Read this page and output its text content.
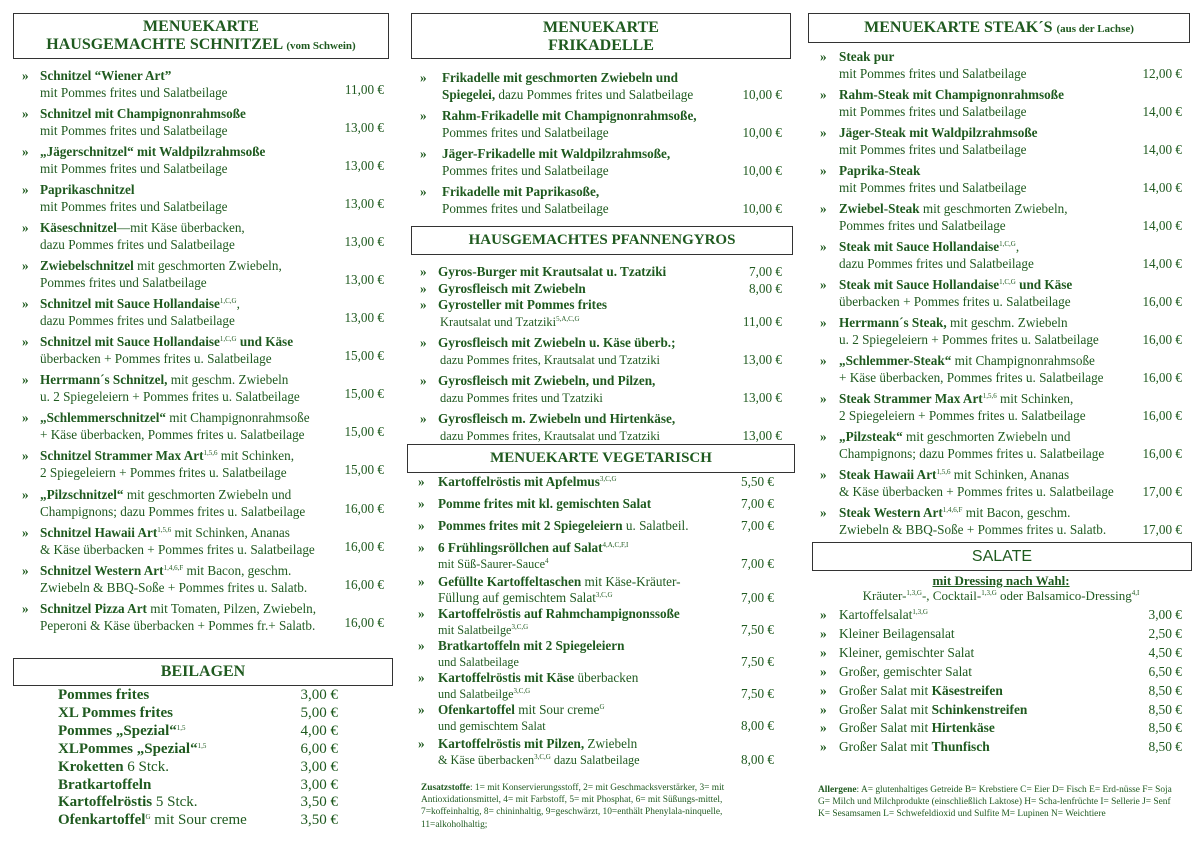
MENUEKARTE
HAUSGEMACHTE SCHNITZEL (vom Schwein)
» Schnitzel “Wiener Art”
mit Pommes frites und Salatbeilage	11,00 €
» Schnitzel mit Champignonrahmsoße
mit Pommes frites und Salatbeilage	13,00 €
» „Jägerschnitzel“ mit Waldpilzrahmsoße
mit Pommes frites und Salatbeilage	13,00 €
» Paprikaschnitzel
mit Pommes frites und Salatbeilage	13,00 €
» Käseschnitzel—mit Käse überbacken,
dazu Pommes frites und Salatbeilage	13,00 €
» Zwiebelschnitzel mit geschmorten Zwiebeln,
Pommes frites und Salatbeilage	13,00 €
» Schnitzel mit Sauce Hollandaise$^{1,C,G}$,
dazu Pommes frites und Salatbeilage	13,00 €
» Schnitzel mit Sauce Hollandaise$^{1,C,G}$ und Käse
überbacken + Pommes frites u. Salatbeilage	15,00 €
» Herrmann´s Schnitzel, mit geschm. Zwiebeln
u. 2 Spiegeleiern + Pommes frites u. Salatbeilage	15,00 €
» „Schlemmerschnitzel“ mit Champignonrahmsoße
+ Käse überbacken, Pommes frites u. Salatbeilage	15,00 €
» Schnitzel Strammer Max Art$^{1,5,6}$ mit Schinken,
2 Spiegeleiern + Pommes frites u. Salatbeilage	15,00 €
» „Pilzschnitzel“ mit geschmorten Zwiebeln und
Champignons; dazu Pommes frites u. Salatbeilage	16,00 €
» Schnitzel Hawaii Art$^{1,5,6}$ mit Schinken, Ananas
& Käse überbacken + Pommes frites u. Salatbeilage 16,00 €
» Schnitzel Western Art$^{1,4,6,F}$ mit Bacon, geschm.
Zwiebeln & BBQ-Soße + Pommes frites u. Salatb.	16,00 €
» Schnitzel Pizza Art mit Tomaten, Pilzen, Zwiebeln,
Peperoni & Käse überbacken + Pommes fr.+ Salatb. 16,00 €
BEILAGEN
Pommes frites	3,00 €
XL Pommes frites	5,00 €
Pommes „Spezial“$^{1,5}$	4,00 €
XLPommes „Spezial“$^{1,5}$	6,00 €
Kroketten 6 Stck.	3,00 €
Bratkartoffeln	3,00 €
Kartoffelröstis 5 Stck.	3,50 €
Ofenkartoffel$^G$ mit Sour creme	3,50 €
MENUEKARTE
FRIKADELLE
» Frikadelle mit geschmorten Zwiebeln und
Spiegelei, dazu Pommes frites und Salatbeilage	10,00 €
» Rahm-Frikadelle mit Champignonrahmsoße,
Pommes frites und Salatbeilage	10,00 €
» Jäger-Frikadelle mit Waldpilzrahmsoße,
Pommes frites und Salatbeilage	10,00 €
» Frikadelle mit Paprikasoße,
Pommes frites und Salatbeilage	10,00 €
HAUSGEMACHTES PFANNENGYROS
» Gyros-Burger mit Krautsalat u. Tzatziki	7,00 €
» Gyrosfleisch mit Zwiebeln	8,00 €
» Gyrosteller mit Pommes frites
Krautsalat und Tzatziki$^{5,A,C,G}$	11,00 €
» Gyrosfleisch mit Zwiebeln u. Käse überb.;
dazu Pommes frites, Krautsalat und Tzatziki	13,00 €
» Gyrosfleisch mit Zwiebeln, und Pilzen,
dazu Pommes frites und Tzatziki	13,00 €
» Gyrosfleisch m. Zwiebeln und Hirtenkäse,
dazu Pommes frites, Krautsalat und Tzatziki	13,00 €
MENUEKARTE VEGETARISCH
» Kartoffelröstis mit Apfelmus$^{3,C,G}$	5,50 €
» Pomme frites mit kl. gemischten Salat	7,00 €
» Pommes frites mit 2 Spiegeleiern u. Salatbeil.	7,00 €
» 6 Frühlingsröllchen auf Salat$^{4,A,C,F,I}$
mit Süß-Saurer-Sauce$^4$	7,00 €
» Gefüllte Kartoffeltaschen mit Käse-Kräuter-
Füllung auf gemischtem Salat$^{3,C,G}$	7,00 €
» Kartoffelröstis auf Rahmchampignonssoße
mit Salatbeilge$^{3,C,G}$	7,50 €
» Bratkartoffeln mit 2 Spiegeleiern
und Salatbeilage	7,50 €
» Kartoffelröstis mit Käse überbacken
und Salatbeilge$^{3,C,G}$	7,50 €
» Ofenkartoffel mit Sour creme$^G$
und gemischtem Salat	8,00 €
» Kartoffelröstis mit Pilzen, Zwiebeln
& Käse überbacken$^{3,C,G}$ dazu Salatbeilage	8,00 €
Zusatzstoffe: 1= mit Konservierungsstoff, 2= mit Geschmacksverstärker, 3= mit Antioxidationsmittel, 4= mit Farbstoff, 5= mit Phosphat, 6= mit Süßungs-mittel, 7=koffeinhaltig, 8= chininhaltig, 9=geschwärzt, 10=enthält Phenylala-ninquelle, 11=alkoholhaltig;
MENUEKARTE STEAK´S (aus der Lachse)
» Steak pur
mit Pommes frites und Salatbeilage	12,00 €
» Rahm-Steak mit Champignonrahmsoße
mit Pommes frites und Salatbeilage	14,00 €
» Jäger-Steak mit Waldpilzrahmsoße
mit Pommes frites und Salatbeilage	14,00 €
» Paprika-Steak
mit Pommes frites und Salatbeilage	14,00 €
» Zwiebel-Steak mit geschmorten Zwiebeln,
Pommes frites und Salatbeilage	14,00 €
» Steak mit Sauce Hollandaise$^{1,C,G}$,
dazu Pommes frites und Salatbeilage	14,00 €
» Steak mit Sauce Hollandaise$^{1,C,G}$ und Käse
überbacken + Pommes frites u. Salatbeilage	16,00 €
» Herrmann´s Steak, mit geschm. Zwiebeln
u. 2 Spiegeleiern + Pommes frites u. Salatbeilage	16,00 €
» „Schlemmer-Steak“ mit Champignonrahmsoße
+ Käse überbacken, Pommes frites u. Salatbeilage	16,00 €
» Steak Strammer Max Art$^{1,5,6}$ mit Schinken,
2 Spiegeleiern + Pommes frites u. Salatbeilage	16,00 €
» „Pilzsteak“ mit geschmorten Zwiebeln und
Champignons; dazu Pommes frites u. Salatbeilage	16,00 €
» Steak Hawaii Art$^{1,5,6}$ mit Schinken, Ananas
& Käse überbacken + Pommes frites u. Salatbeilage 17,00 €
» Steak Western Art$^{1,4,6,F}$ mit Bacon, geschm.
Zwiebeln & BBQ-Soße + Pommes frites u. Salatb.	17,00 €
SALATE
mit Dressing nach Wahl:
Kräuter-$^{1,3,G}$-, Cocktail-$^{1,3,G}$ oder Balsamico-Dressing$^{4,I}$
» Kartoffelsalat$^{1,3,G}$	3,00 €
» Kleiner Beilagensalat	2,50 €
» Kleiner, gemischter Salat	4,50 €
» Großer, gemischter Salat	6,50 €
» Großer Salat mit Käsestreifen	8,50 €
» Großer Salat mit Schinkenstreifen	8,50 €
» Großer Salat mit Hirtenkäse	8,50 €
» Großer Salat mit Thunfisch	8,50 €
Allergene: A= glutenhaltiges Getreide B= Krebstiere C= Eier D= Fisch E= Erd-nüsse F= Soja G= Milch und Milchprodukte (einschließlich Laktose) H= Scha-lenfrüchte I= Sellerie J= Senf K= Sesamsamen L= Schwefeldioxid und Sulfite M= Lupinen N= Weichtiere
